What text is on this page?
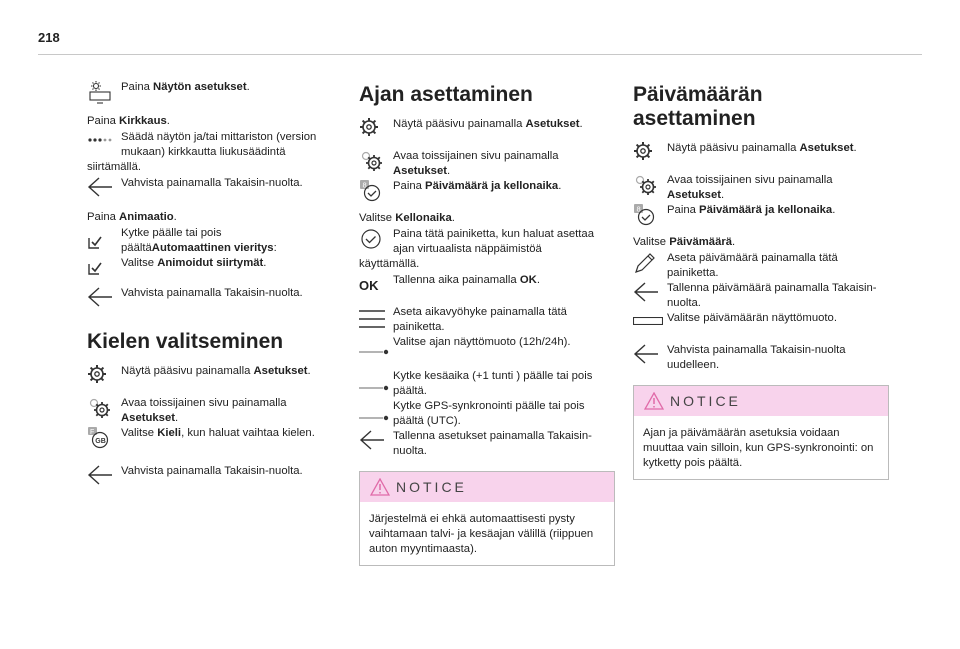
218
Paina Näytön asetukset.
Paina Kirkkaus.
Säädä näytön ja/tai mittariston (version mukaan) kirkkautta liukusäädintä
siirtämällä.
Vahvista painamalla Takaisin-nuolta.
Paina Animaatio.
Kytke päälle tai pois päältäAutomaattinen vieritys:
Valitse Animoidut siirtymät.
Vahvista painamalla Takaisin-nuolta.
Kielen valitseminen
Näytä pääsivu painamalla Asetukset.
Avaa toissijainen sivu painamalla Asetukset.
F
GB
Valitse Kieli, kun haluat vaihtaa kielen.
Vahvista painamalla Takaisin-nuolta.
Ajan asettaminen
Näytä pääsivu painamalla Asetukset.
Avaa toissijainen sivu painamalla Asetukset.
8 Paina Päivämäärä ja kellonaika.
Valitse Kellonaika.
Paina tätä painiketta, kun haluat asettaa ajan virtuaalista näppäimistöä
käyttämällä.
OK	Tallenna aika painamalla OK.
Aseta aikavyöhyke painamalla tätä painiketta.
Valitse ajan näyttömuoto (12h/24h).
Kytke kesäaika (+1 tunti ) päälle tai pois päältä.
Kytke GPS-synkronointi päälle tai pois päältä (UTC).
Tallenna asetukset painamalla Takaisin-nuolta.
NOTICE
Järjestelmä ei ehkä automaattisesti pysty vaihtamaan talvi- ja kesäajan välillä (riippuen auton myyntimaasta).
Päivämäärän asettaminen
Näytä pääsivu painamalla Asetukset.
Avaa toissijainen sivu painamalla Asetukset.
8 Paina Päivämäärä ja kellonaika.
Valitse Päivämäärä.
Aseta päivämäärä painamalla tätä painiketta.
Tallenna päivämäärä painamalla Takaisin-nuolta.
Valitse päivämäärän näyttömuoto.
Vahvista painamalla Takaisin-nuolta uudelleen.
NOTICE
Ajan ja päivämäärän asetuksia voidaan muuttaa vain silloin, kun GPS-synkronointi: on kytketty pois päältä.
